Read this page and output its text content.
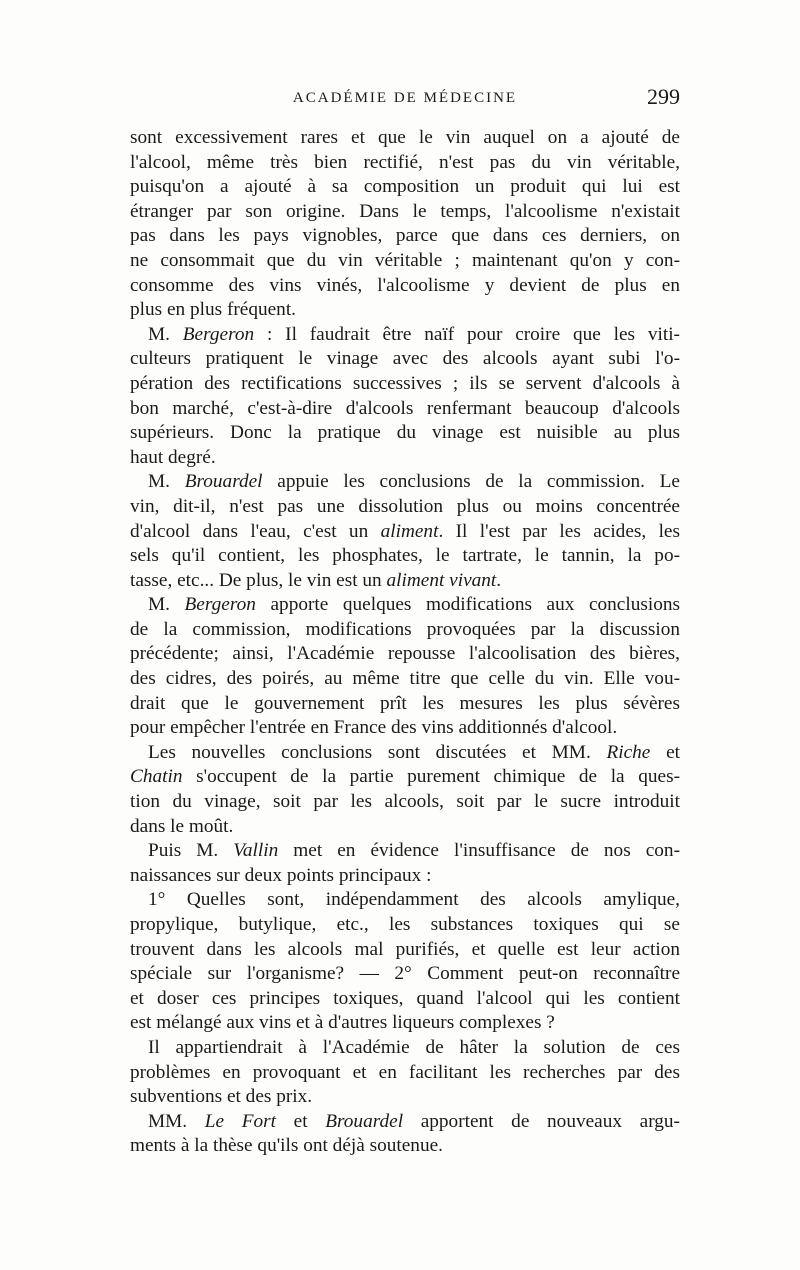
ACADÉMIE DE MÉDECINE	299

sont excessivement rares et que le vin auquel on a ajouté de

l'alcool, même très bien rectifié, n'est pas du vin véritable,

puisqu'on a ajouté à sa composition un produit qui lui est

étranger par son origine. Dans le temps, l'alcoolisme n'existait

pas dans les pays vignobles, parce que dans ces derniers, on

ne consommait que du vin véritable ; maintenant qu'on y con-

consomme des vins vinés, l'alcoolisme y devient de plus en

plus en plus fréquent.

M. Bergeron : Il faudrait être naïf pour croire que les viti-

culteurs pratiquent le vinage avec des alcools ayant subi l'o-

pération des rectifications successives ; ils se servent d'alcools à

bon marché, c'est-à-dire d'alcools renfermant beaucoup d'alcools

supérieurs. Donc la pratique du vinage est nuisible au plus

haut degré.

M. Brouardel appuie les conclusions de la commission. Le

vin, dit-il, n'est pas une dissolution plus ou moins concentrée

d'alcool dans l'eau, c'est un aliment. Il l'est par les acides, les

sels qu'il contient, les phosphates, le tartrate, le tannin, la po-

tasse, etc... De plus, le vin est un aliment vivant.

M. Bergeron apporte quelques modifications aux conclusions

de la commission, modifications provoquées par la discussion

précédente; ainsi, l'Académie repousse l'alcoolisation des bières,

des cidres, des poirés, au même titre que celle du vin. Elle vou-

drait que le gouvernement prît les mesures les plus sévères

pour empêcher l'entrée en France des vins additionnés d'alcool.

Les nouvelles conclusions sont discutées et MM. Riche et

Chatin s'occupent de la partie purement chimique de la ques-

tion du vinage, soit par les alcools, soit par le sucre introduit

dans le moût.

Puis M. Vallin met en évidence l'insuffisance de nos con-

naissances sur deux points principaux :

1° Quelles sont, indépendamment des alcools amylique,

propylique, butylique, etc., les substances toxiques qui se

trouvent dans les alcools mal purifiés, et quelle est leur action

spéciale sur l'organisme? — 2° Comment peut-on reconnaître

et doser ces principes toxiques, quand l'alcool qui les contient

est mélangé aux vins et à d'autres liqueurs complexes ?

Il appartiendrait à l'Académie de hâter la solution de ces

problèmes en provoquant et en facilitant les recherches par des

subventions et des prix.

MM. Le Fort et Brouardel apportent de nouveaux argu-

ments à la thèse qu'ils ont déjà soutenue.
